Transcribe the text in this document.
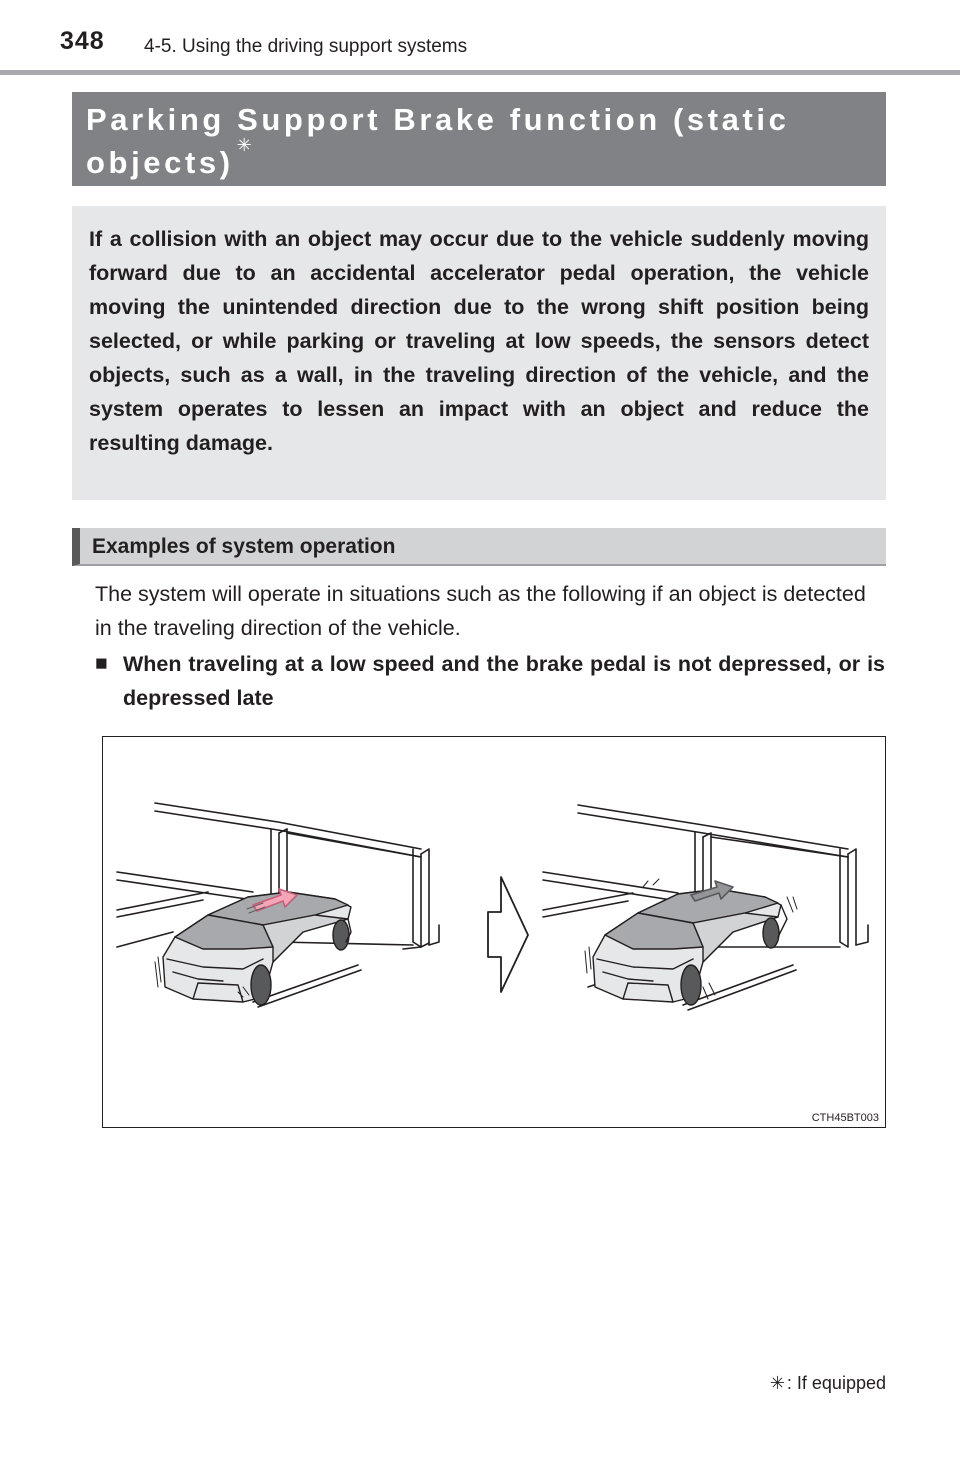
348 4-5. Using the driving support systems
Parking Support Brake function (static objects) ✳

If a collision with an object may occur due to the vehicle suddenly moving forward due to an accidental accelerator pedal operation, the vehicle moving the unintended direction due to the wrong shift position being selected, or while parking or traveling at low speeds, the sensors detect objects, such as a wall, in the traveling direction of the vehicle, and the system operates to lessen an impact with an object and reduce the resulting damage.

Examples of system operation

The system will operate in situations such as the following if an object is detected in the traveling direction of the vehicle.

■ When traveling at a low speed and the brake pedal is not depressed, or is depressed late

CTH45BT003
✳ : If equipped
